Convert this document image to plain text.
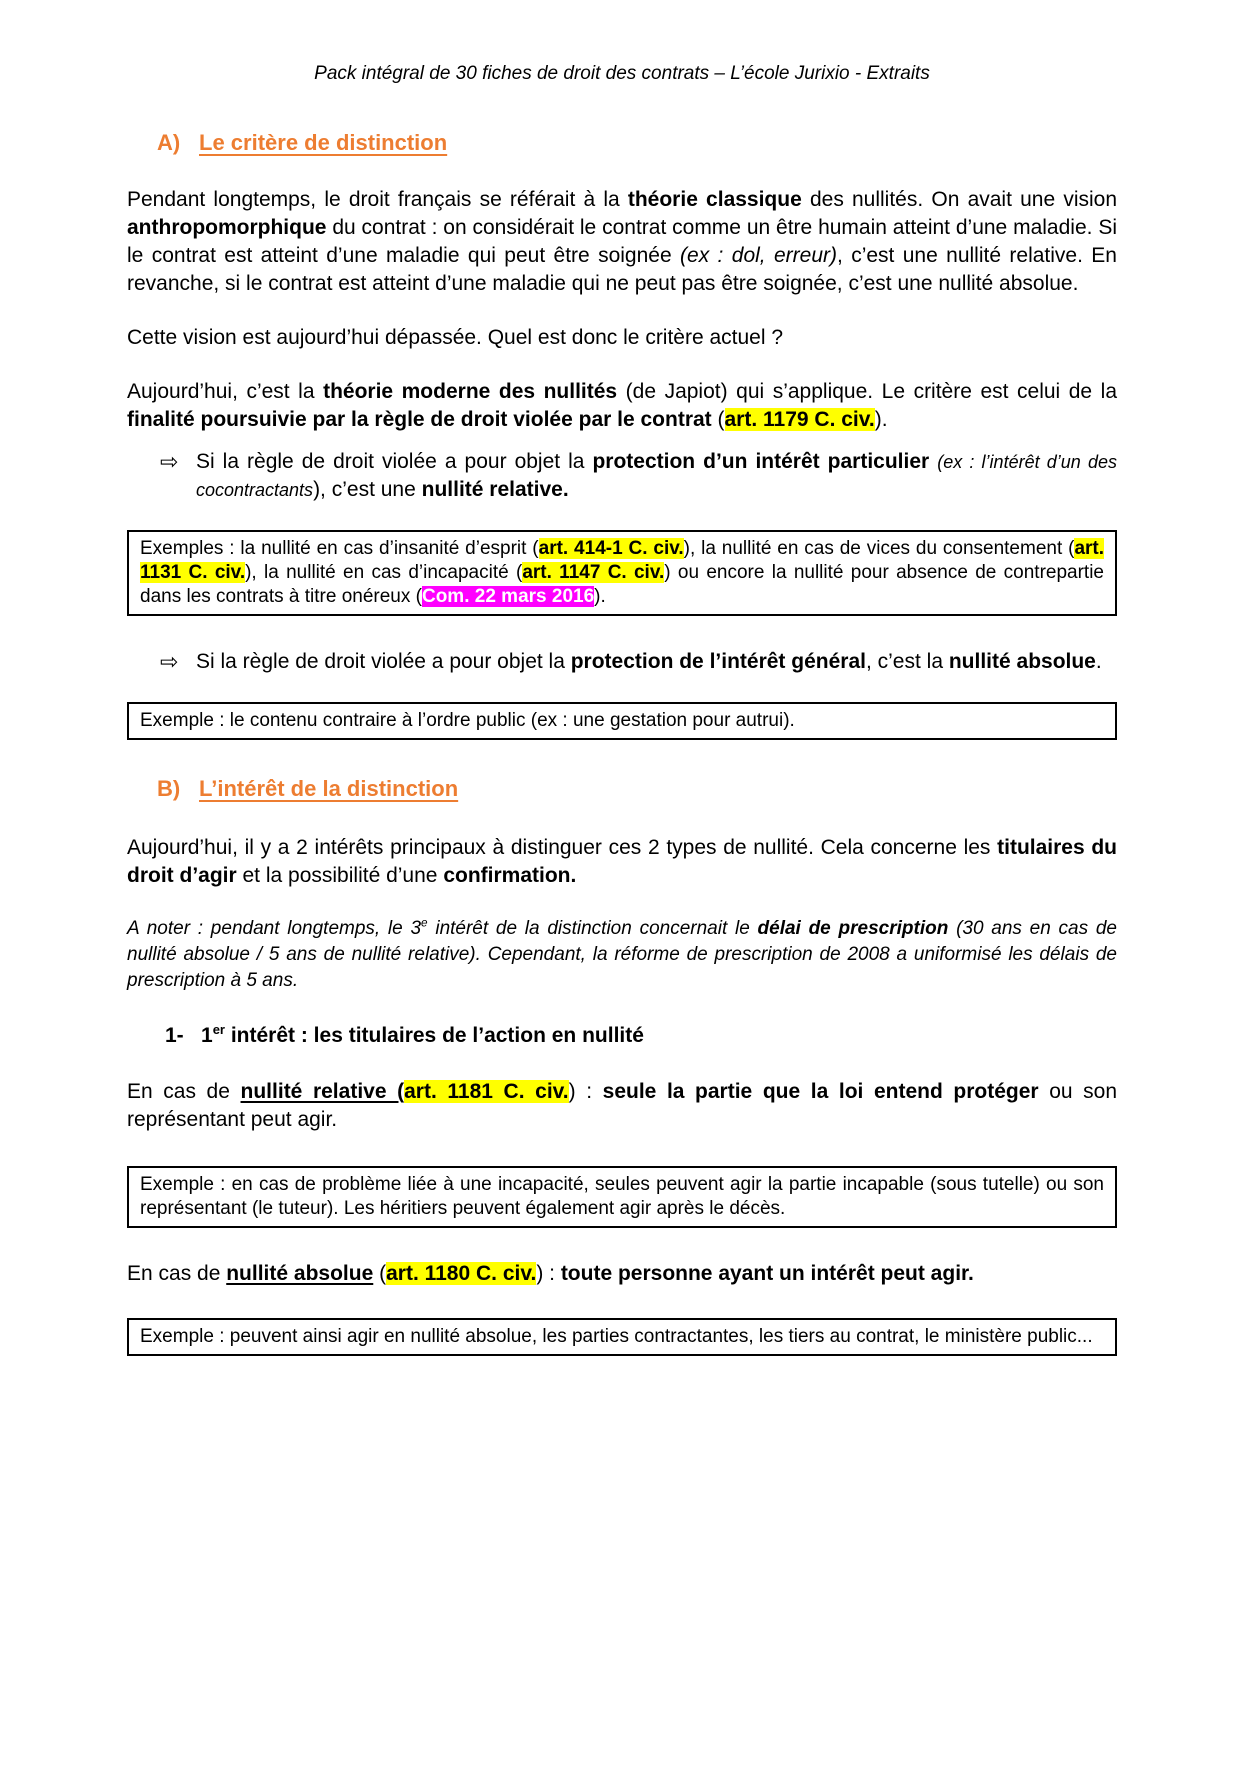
Pack intégral de 30 fiches de droit des contrats – L’école Jurixio - Extraits
A) Le critère de distinction

Pendant longtemps, le droit français se référait à la théorie classique des nullités. On avait une vision anthropomorphique du contrat : on considérait le contrat comme un être humain atteint d’une maladie. Si le contrat est atteint d’une maladie qui peut être soignée (ex : dol, erreur), c’est une nullité relative. En revanche, si le contrat est atteint d’une maladie qui ne peut pas être soignée, c’est une nullité absolue.

Cette vision est aujourd’hui dépassée. Quel est donc le critère actuel ?

Aujourd’hui, c’est la théorie moderne des nullités (de Japiot) qui s’applique. Le critère est celui de la finalité poursuivie par la règle de droit violée par le contrat (art. 1179 C. civ.).

⇨ Si la règle de droit violée a pour objet la protection d’un intérêt particulier (ex : l’intérêt d’un des cocontractants), c’est une nullité relative.
Exemples : la nullité en cas d’insanité d’esprit (art. 414-1 C. civ.), la nullité en cas de vices du consentement (art. 1131 C. civ.), la nullité en cas d’incapacité (art. 1147 C. civ.) ou encore la nullité pour absence de contrepartie dans les contrats à titre onéreux (Com. 22 mars 2016).
⇨ Si la règle de droit violée a pour objet la protection de l’intérêt général, c’est la nullité absolue.
Exemple : le contenu contraire à l’ordre public (ex : une gestation pour autrui).
B) L’intérêt de la distinction

Aujourd’hui, il y a 2 intérêts principaux à distinguer ces 2 types de nullité. Cela concerne les titulaires du droit d’agir et la possibilité d’une confirmation.

A noter : pendant longtemps, le 3e intérêt de la distinction concernait le délai de prescription (30 ans en cas de nullité absolue / 5 ans de nullité relative). Cependant, la réforme de prescription de 2008 a uniformisé les délais de prescription à 5 ans.

1- 1er intérêt : les titulaires de l’action en nullité

En cas de nullité relative (art. 1181 C. civ.) : seule la partie que la loi entend protéger ou son représentant peut agir.

Exemple : en cas de problème liée à une incapacité, seules peuvent agir la partie incapable (sous tutelle) ou son représentant (le tuteur). Les héritiers peuvent également agir après le décès.

En cas de nullité absolue (art. 1180 C. civ.) : toute personne ayant un intérêt peut agir.

Exemple : peuvent ainsi agir en nullité absolue, les parties contractantes, les tiers au contrat, le ministère public...
